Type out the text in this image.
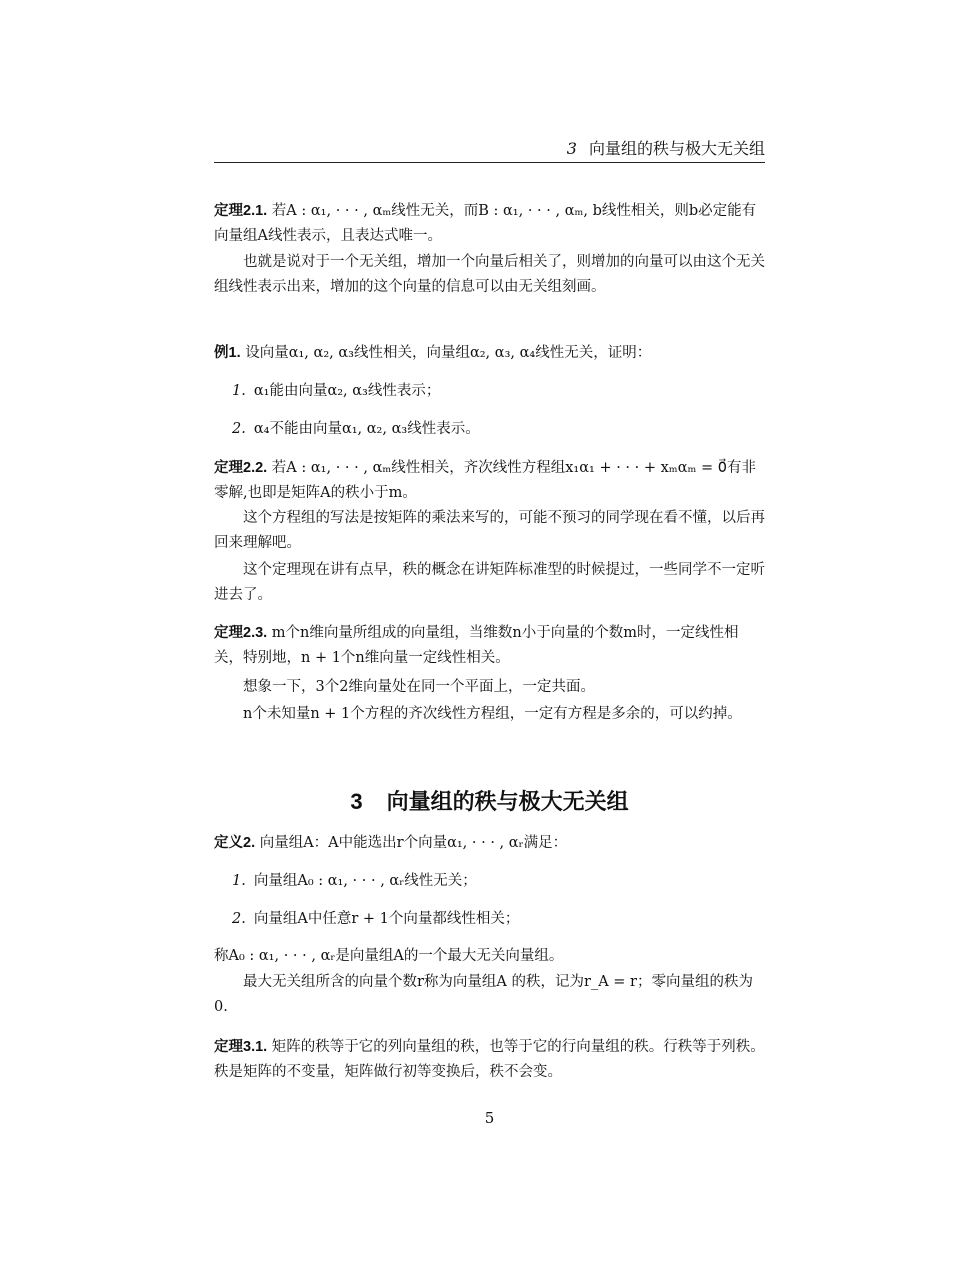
3 向量组的秩与极大无关组
定理2.1. 若A : α₁, · · · , αₘ线性无关，而B : α₁, · · · , αₘ, b线性相关，则b必定能有向量组A线性表示，且表达式唯一。
也就是说对于一个无关组，增加一个向量后相关了，则增加的向量可以由这个无关组线性表示出来，增加的这个向量的信息可以由无关组刻画。
例1. 设向量α₁, α₂, α₃线性相关，向量组α₂, α₃, α₄线性无关，证明：
1. α₁能由向量α₂, α₃线性表示；
2. α₄不能由向量α₁, α₂, α₃线性表示。
定理2.2. 若A : α₁, · · · , αₘ线性相关，齐次线性方程组x₁α₁ + · · · + xₘαₘ = 0⃗有非零解,也即是矩阵A的秩小于m。
这个方程组的写法是按矩阵的乘法来写的，可能不预习的同学现在看不懂，以后再回来理解吧。
这个定理现在讲有点早，秩的概念在讲矩阵标准型的时候提过，一些同学不一定听进去了。
定理2.3. m个n维向量所组成的向量组，当维数n小于向量的个数m时，一定线性相关，特别地，n + 1个n维向量一定线性相关。
想象一下，3个2维向量处在同一个平面上，一定共面。
n个未知量n + 1个方程的齐次线性方程组，一定有方程是多余的，可以约掉。
3 向量组的秩与极大无关组
定义2. 向量组A：A中能选出r个向量α₁, · · · , αᵣ满足：
1. 向量组A₀ : α₁, · · · , αᵣ线性无关；
2. 向量组A中任意r + 1个向量都线性相关；
称A₀ : α₁, · · · , αᵣ是向量组A的一个最大无关向量组。
最大无关组所含的向量个数r称为向量组A 的秩，记为r_A = r；零向量组的秩为0.
定理3.1. 矩阵的秩等于它的列向量组的秩，也等于它的行向量组的秩。行秩等于列秩。秩是矩阵的不变量，矩阵做行初等变换后，秩不会变。
5
